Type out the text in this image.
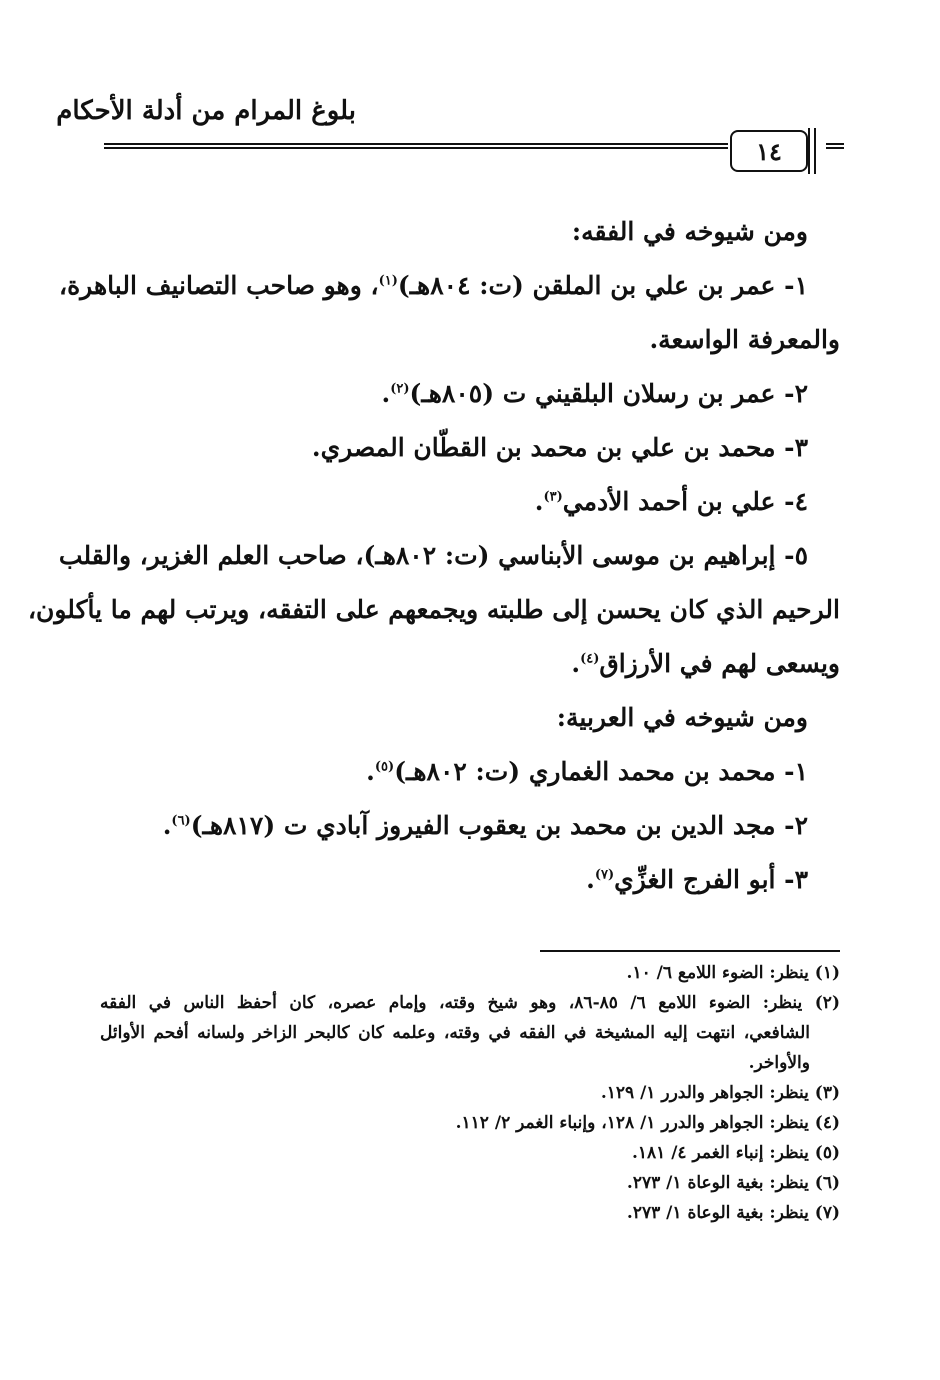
بلوغ المرام من أدلة الأحكام
١٤
ومن شيوخه في الفقه:
١- عمر بن علي بن الملقن (ت: ٨٠٤هـ)$^{(١)}$، وهو صاحب التصانيف الباهرة،
والمعرفة الواسعة.
٢- عمر بن رسلان البلقيني ت (٨٠٥هـ)$^{(٢)}$.
٣- محمد بن علي بن محمد بن القطّان المصري.
٤- علي بن أحمد الأدمي$^{(٣)}$.
٥- إبراهيم بن موسى الأبناسي (ت: ٨٠٢هـ)، صاحب العلم الغزير، والقلب
الرحيم الذي كان يحسن إلى طلبته ويجمعهم على التفقه، ويرتب لهم ما يأكلون،
ويسعى لهم في الأرزاق$^{(٤)}$.
ومن شيوخه في العربية:
١- محمد بن محمد الغماري (ت: ٨٠٢هـ)$^{(٥)}$.
٢- مجد الدين بن محمد بن يعقوب الفيروز آبادي ت (٨١٧هـ)$^{(٦)}$.
٣- أبو الفرج الغزِّي$^{(٧)}$.
(١) ينظر: الضوء اللامع ٦/ ١٠.
(٢) ينظر: الضوء اللامع ٦/ ٨٥-٨٦، وهو شيخ وقته، وإمام عصره، كان أحفظ الناس في الفقه
الشافعي، انتهت إليه المشيخة في الفقه في وقته، وعلمه كان كالبحر الزاخر ولسانه أفحم الأوائل
والأواخر.
(٣) ينظر: الجواهر والدرر ١/ ١٢٩.
(٤) ينظر: الجواهر والدرر ١/ ١٢٨، وإنباء الغمر ٢/ ١١٢.
(٥) ينظر: إنباء الغمر ٤/ ١٨١.
(٦) ينظر: بغية الوعاة ١/ ٢٧٣.
(٧) ينظر: بغية الوعاة ١/ ٢٧٣.
